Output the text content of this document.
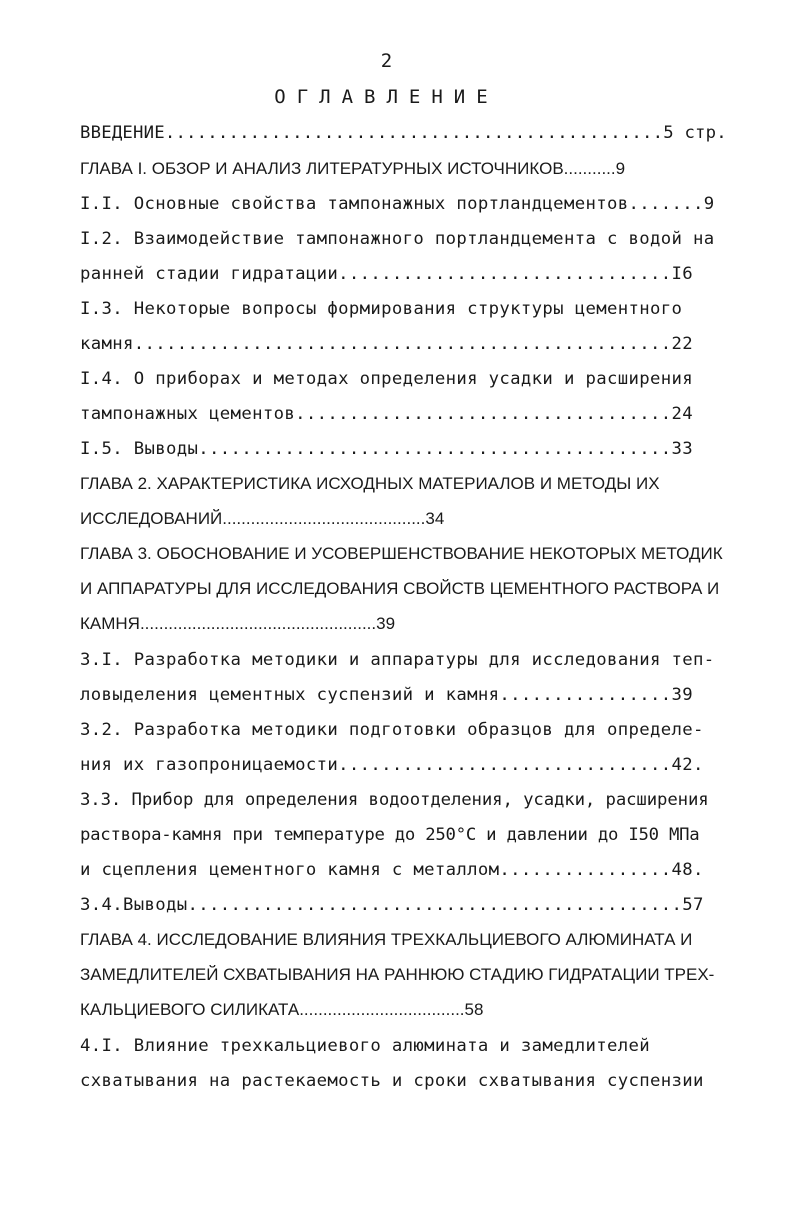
2
ОГЛАВЛЕНИЕ
ВВЕДЕНИЕ...............................................5 стр.
ГЛАВА I. ОБЗОР И АНАЛИЗ ЛИТЕРАТУРНЫХ ИСТОЧНИКОВ...........9
I.I. Основные свойства тампонажных портландцементов.......9
I.2. Взаимодействие тампонажного портландцемента с водой на
ранней стадии гидратации...............................I6
I.3. Некоторые вопросы формирования структуры цементного
камня..................................................22
I.4. О приборах и методах определения усадки и расширения
тампонажных цементов...................................24
I.5. Выводы............................................33
ГЛАВА 2. ХАРАКТЕРИСТИКА ИСХОДНЫХ МАТЕРИАЛОВ И МЕТОДЫ ИХ
ИССЛЕДОВАНИЙ...........................................34
ГЛАВА 3. ОБОСНОВАНИЕ И УСОВЕРШЕНСТВОВАНИЕ НЕКОТОРЫХ МЕТОДИК
И АППАРАТУРЫ ДЛЯ ИССЛЕДОВАНИЯ СВОЙСТВ ЦЕМЕНТНОГО РАСТВОРА И
КАМНЯ..................................................39
3.I. Разработка методики и аппаратуры для исследования теп-
ловыделения цементных суспензий и камня................39
3.2. Разработка методики подготовки образцов для определе-
ния их газопроницаемости...............................42.
3.3. Прибор для определения водоотделения, усадки, расширения
раствора-камня при температуре до 250°С и давлении до I50 МПа
и сцепления цементного камня с металлом................48.
3.4.Выводы..............................................57
ГЛАВА 4. ИССЛЕДОВАНИЕ ВЛИЯНИЯ ТРЕХКАЛЬЦИЕВОГО АЛЮМИНАТА И
ЗАМЕДЛИТЕЛЕЙ СХВАТЫВАНИЯ НА РАННЮЮ СТАДИЮ ГИДРАТАЦИИ ТРЕХ-
КАЛЬЦИЕВОГО СИЛИКАТА...................................58
4.I. Влияние трехкальциевого алюмината и замедлителей
схватывания на растекаемость и сроки схватывания суспензии
